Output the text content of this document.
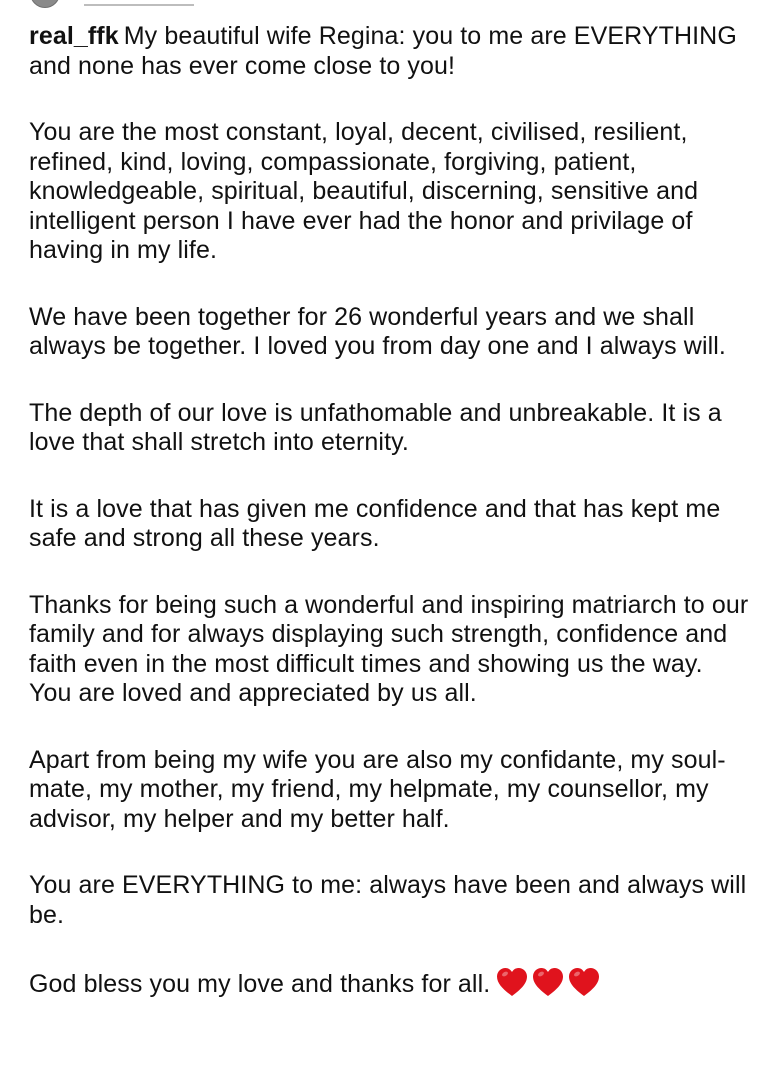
real_ffk My beautiful wife Regina: you to me are EVERYTHING and none has ever come close to you!

You are the most constant, loyal, decent, civilised, resilient, refined, kind, loving, compassionate, forgiving, patient, knowledgeable, spiritual, beautiful, discerning, sensitive and intelligent person I have ever had the honor and privilage of having in my life.

We have been together for 26 wonderful years and we shall always be together. I loved you from day one and I always will.

The depth of our love is unfathomable and unbreakable. It is a love that shall stretch into eternity.

It is a love that has given me confidence and that has kept me safe and strong all these years.

Thanks for being such a wonderful and inspiring matriarch to our family and for always displaying such strength, confidence and faith even in the most difficult times and showing us the way. You are loved and appreciated by us all.

Apart from being my wife you are also my confidante, my soul-mate, my mother, my friend, my helpmate, my counsellor, my advisor, my helper and my better half.

You are EVERYTHING to me: always have been and always will be.

God bless you my love and thanks for all.
